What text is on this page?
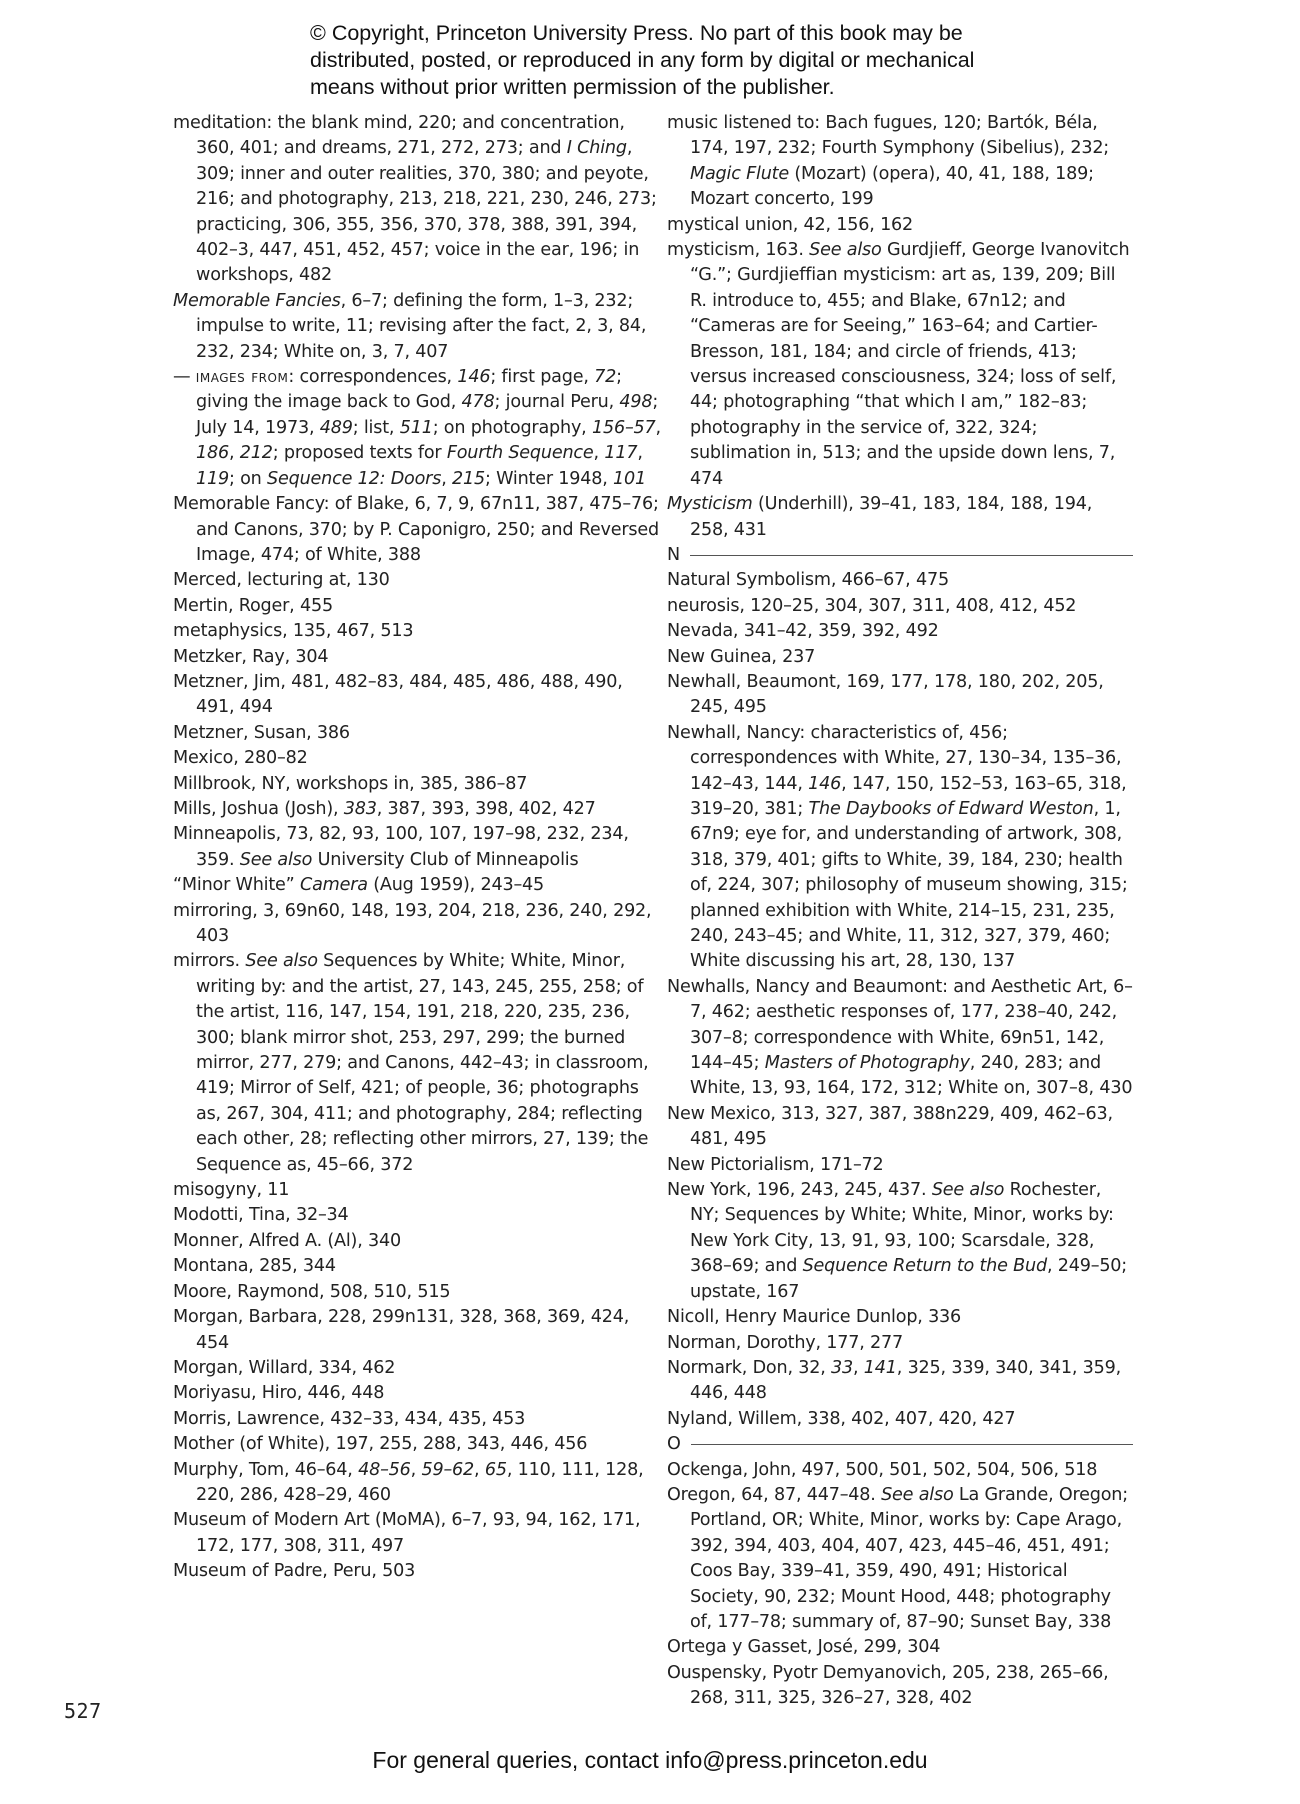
© Copyright, Princeton University Press. No part of this book may be
distributed, posted, or reproduced in any form by digital or mechanical
means without prior written permission of the publisher.
meditation: the blank mind, 220; and concentration, 360, 401; and dreams, 271, 272, 273; and I Ching, 309; inner and outer realities, 370, 380; and peyote, 216; and photography, 213, 218, 221, 230, 246, 273; practicing, 306, 355, 356, 370, 378, 388, 391, 394, 402–3, 447, 451, 452, 457; voice in the ear, 196; in workshops, 482
Memorable Fancies, 6–7; defining the form, 1–3, 232; impulse to write, 11; revising after the fact, 2, 3, 84, 232, 234; White on, 3, 7, 407
— images from: correspondences, 146; first page, 72; giving the image back to God, 478; journal Peru, 498; July 14, 1973, 489; list, 511; on photography, 156–57, 186, 212; proposed texts for Fourth Sequence, 117, 119; on Sequence 12: Doors, 215; Winter 1948, 101
Memorable Fancy: of Blake, 6, 7, 9, 67n11, 387, 475–76; and Canons, 370; by P. Caponigro, 250; and Reversed Image, 474; of White, 388
Merced, lecturing at, 130
Mertin, Roger, 455
metaphysics, 135, 467, 513
Metzker, Ray, 304
Metzner, Jim, 481, 482–83, 484, 485, 486, 488, 490, 491, 494
Metzner, Susan, 386
Mexico, 280–82
Millbrook, NY, workshops in, 385, 386–87
Mills, Joshua (Josh), 383, 387, 393, 398, 402, 427
Minneapolis, 73, 82, 93, 100, 107, 197–98, 232, 234, 359. See also University Club of Minneapolis
“Minor White” Camera (Aug 1959), 243–45
mirroring, 3, 69n60, 148, 193, 204, 218, 236, 240, 292, 403
mirrors. See also Sequences by White; White, Minor, writing by: and the artist, 27, 143, 245, 255, 258; of the artist, 116, 147, 154, 191, 218, 220, 235, 236, 300; blank mirror shot, 253, 297, 299; the burned mirror, 277, 279; and Canons, 442–43; in classroom, 419; Mirror of Self, 421; of people, 36; photographs as, 267, 304, 411; and photography, 284; reflecting each other, 28; reflecting other mirrors, 27, 139; the Sequence as, 45–66, 372
misogyny, 11
Modotti, Tina, 32–34
Monner, Alfred A. (Al), 340
Montana, 285, 344
Moore, Raymond, 508, 510, 515
Morgan, Barbara, 228, 299n131, 328, 368, 369, 424, 454
Morgan, Willard, 334, 462
Moriyasu, Hiro, 446, 448
Morris, Lawrence, 432–33, 434, 435, 453
Mother (of White), 197, 255, 288, 343, 446, 456
Murphy, Tom, 46–64, 48–56, 59–62, 65, 110, 111, 128, 220, 286, 428–29, 460
Museum of Modern Art (MoMA), 6–7, 93, 94, 162, 171, 172, 177, 308, 311, 497
Museum of Padre, Peru, 503
music listened to: Bach fugues, 120; Bartók, Béla, 174, 197, 232; Fourth Symphony (Sibelius), 232; Magic Flute (Mozart) (opera), 40, 41, 188, 189; Mozart concerto, 199
mystical union, 42, 156, 162
mysticism, 163. See also Gurdjieff, George Ivanovitch “G.”; Gurdjieffian mysticism: art as, 139, 209; Bill R. introduce to, 455; and Blake, 67n12; and “Cameras are for Seeing,” 163–64; and Cartier-Bresson, 181, 184; and circle of friends, 413; versus increased consciousness, 324; loss of self, 44; photographing “that which I am,” 182–83; photography in the service of, 322, 324; sublimation in, 513; and the upside down lens, 7, 474
Mysticism (Underhill), 39–41, 183, 184, 188, 194, 258, 431
N
Natural Symbolism, 466–67, 475
neurosis, 120–25, 304, 307, 311, 408, 412, 452
Nevada, 341–42, 359, 392, 492
New Guinea, 237
Newhall, Beaumont, 169, 177, 178, 180, 202, 205, 245, 495
Newhall, Nancy: characteristics of, 456; correspondences with White, 27, 130–34, 135–36, 142–43, 144, 146, 147, 150, 152–53, 163–65, 318, 319–20, 381; The Daybooks of Edward Weston, 1, 67n9; eye for, and understanding of artwork, 308, 318, 379, 401; gifts to White, 39, 184, 230; health of, 224, 307; philosophy of museum showing, 315; planned exhibition with White, 214–15, 231, 235, 240, 243–45; and White, 11, 312, 327, 379, 460; White discussing his art, 28, 130, 137
Newhalls, Nancy and Beaumont: and Aesthetic Art, 6–7, 462; aesthetic responses of, 177, 238–40, 242, 307–8; correspondence with White, 69n51, 142, 144–45; Masters of Photography, 240, 283; and White, 13, 93, 164, 172, 312; White on, 307–8, 430
New Mexico, 313, 327, 387, 388n229, 409, 462–63, 481, 495
New Pictorialism, 171–72
New York, 196, 243, 245, 437. See also Rochester, NY; Sequences by White; White, Minor, works by: New York City, 13, 91, 93, 100; Scarsdale, 328, 368–69; and Sequence Return to the Bud, 249–50; upstate, 167
Nicoll, Henry Maurice Dunlop, 336
Norman, Dorothy, 177, 277
Normark, Don, 32, 33, 141, 325, 339, 340, 341, 359, 446, 448
Nyland, Willem, 338, 402, 407, 420, 427
O
Ockenga, John, 497, 500, 501, 502, 504, 506, 518
Oregon, 64, 87, 447–48. See also La Grande, Oregon; Portland, OR; White, Minor, works by: Cape Arago, 392, 394, 403, 404, 407, 423, 445–46, 451, 491; Coos Bay, 339–41, 359, 490, 491; Historical Society, 90, 232; Mount Hood, 448; photography of, 177–78; summary of, 87–90; Sunset Bay, 338
Ortega y Gasset, José, 299, 304
Ouspensky, Pyotr Demyanovich, 205, 238, 265–66, 268, 311, 325, 326–27, 328, 402
527
For general queries, contact info@press.princeton.edu
